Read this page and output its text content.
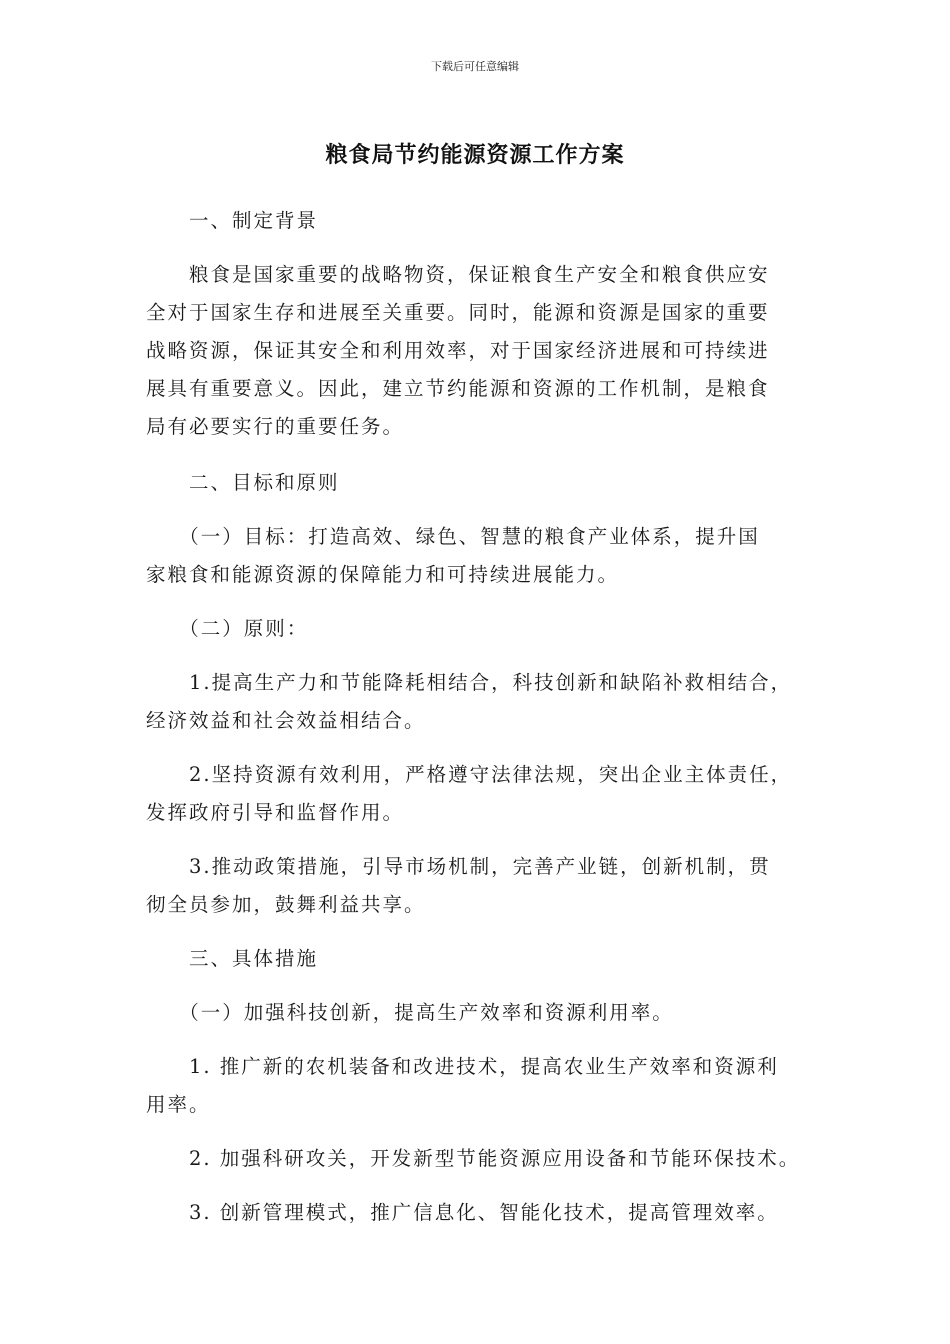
下载后可任意编辑
粮食局节约能源资源工作方案
　　一、制定背景
　　粮食是国家重要的战略物资，保证粮食生产安全和粮食供应安
全对于国家生存和进展至关重要。同时，能源和资源是国家的重要
战略资源，保证其安全和利用效率，对于国家经济进展和可持续进
展具有重要意义。因此，建立节约能源和资源的工作机制，是粮食
局有必要实行的重要任务。
　　二、目标和原则
　　（一）目标：打造高效、绿色、智慧的粮食产业体系，提升国
家粮食和能源资源的保障能力和可持续进展能力。
　　（二）原则：
　　1.提高生产力和节能降耗相结合，科技创新和缺陷补救相结合，
经济效益和社会效益相结合。
　　2.坚持资源有效利用，严格遵守法律法规，突出企业主体责任，
发挥政府引导和监督作用。
　　3.推动政策措施，引导市场机制，完善产业链，创新机制，贯
彻全员参加，鼓舞利益共享。
　　三、具体措施
　　（一）加强科技创新，提高生产效率和资源利用率。
　　1. 推广新的农机装备和改进技术，提高农业生产效率和资源利
用率。
　　2. 加强科研攻关，开发新型节能资源应用设备和节能环保技术。
　　3. 创新管理模式，推广信息化、智能化技术，提高管理效率。
